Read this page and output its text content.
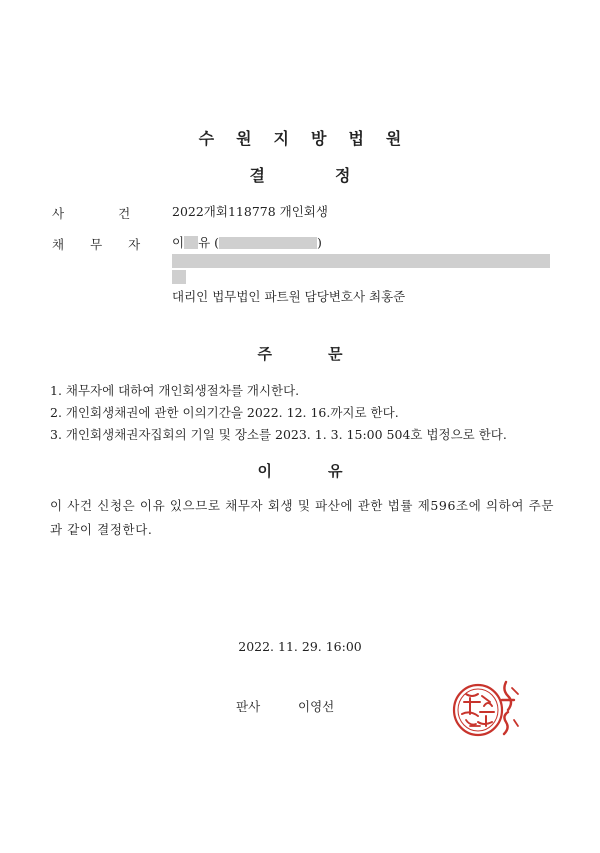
수원지방법원
결정
사건
2022개회118778 개인회생
채무자 이 유 (	)
대리인 법무법인 파트원 담당변호사 최홍준
주문
1. 채무자에 대하여 개인회생절차를 개시한다.
2. 개인회생채권에 관한 이의기간을 2022. 12. 16.까지로 한다.
3. 개인회생채권자집회의 기일 및 장소를 2023. 1. 3. 15:00 504호 법정으로 한다.
이유
이 사건 신청은 이유 있으므로 채무자 회생 및 파산에 관한 법률 제596조에 의하여 주문과 같이 결정한다.
2022. 11. 29. 16:00
판사	이영선
